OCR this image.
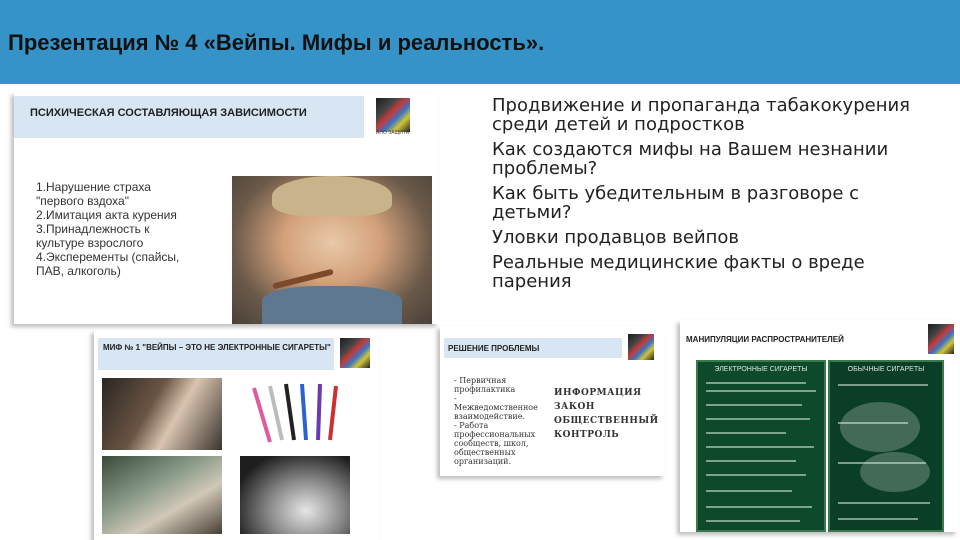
Презентация № 4 «Вейпы. Мифы и реальность».
ПСИХИЧЕСКАЯ СОСТАВЛЯЮЩАЯ ЗАВИСИМОСТИ
АНО ЗАЩИТА
1.Нарушение страха
"первого вздоха"
2.Имитация акта курения
3.Принадлежность к
культуре взрослого
4.Эксперементы (спайсы,
ПАВ, алкоголь)
Продвижение и пропаганда табакокурения среди детей и подростков
Как создаются мифы на Вашем незнании проблемы?
Как быть убедительным в разговоре с детьми?
Уловки продавцов вейпов
Реальные медицинские факты о вреде парения
МИФ № 1 "ВЕЙПЫ – ЭТО НЕ ЭЛЕКТРОННЫЕ СИГАРЕТЫ"	РЕШЕНИЕ ПРОБЛЕМЫ
- Первичная
профилактика
- Межведомственное
взаимодействие.
- Работа
профессиональных
сообществ, школ,
общественных
организаций.
ИНФОРМАЦИЯ
ЗАКОН
ОБЩЕСТВЕННЫЙ
КОНТРОЛЬ
МАНИПУЛЯЦИИ РАСПРОСТРАНИТЕЛЕЙ
ЭЛЕКТРОННЫЕ СИГАРЕТЫ	ОБЫЧНЫЕ СИГАРЕТЫ
